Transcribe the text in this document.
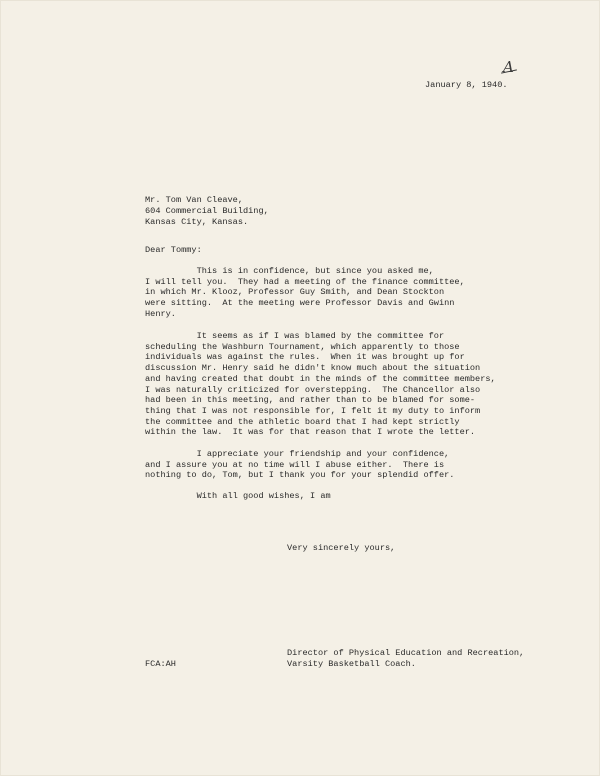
A
January 8, 1940.
Mr. Tom Van Cleave,
604 Commercial Building,
Kansas City, Kansas.
Dear Tommy:
This is in confidence, but since you asked me,
I will tell you.  They had a meeting of the finance committee,
in which Mr. Klooz, Professor Guy Smith, and Dean Stockton
were sitting.  At the meeting were Professor Davis and Gwinn
Henry.
It seems as if I was blamed by the committee for
scheduling the Washburn Tournament, which apparently to those
individuals was against the rules.  When it was brought up for
discussion Mr. Henry said he didn't know much about the situation
and having created that doubt in the minds of the committee members,
I was naturally criticized for overstepping.  The Chancellor also
had been in this meeting, and rather than to be blamed for some-
thing that I was not responsible for, I felt it my duty to inform
the committee and the athletic board that I had kept strictly
within the law.  It was for that reason that I wrote the letter.
I appreciate your friendship and your confidence,
and I assure you at no time will I abuse either.  There is
nothing to do, Tom, but I thank you for your splendid offer.
With all good wishes, I am
Very sincerely yours,
FCA:AH
Director of Physical Education and Recreation,
Varsity Basketball Coach.
